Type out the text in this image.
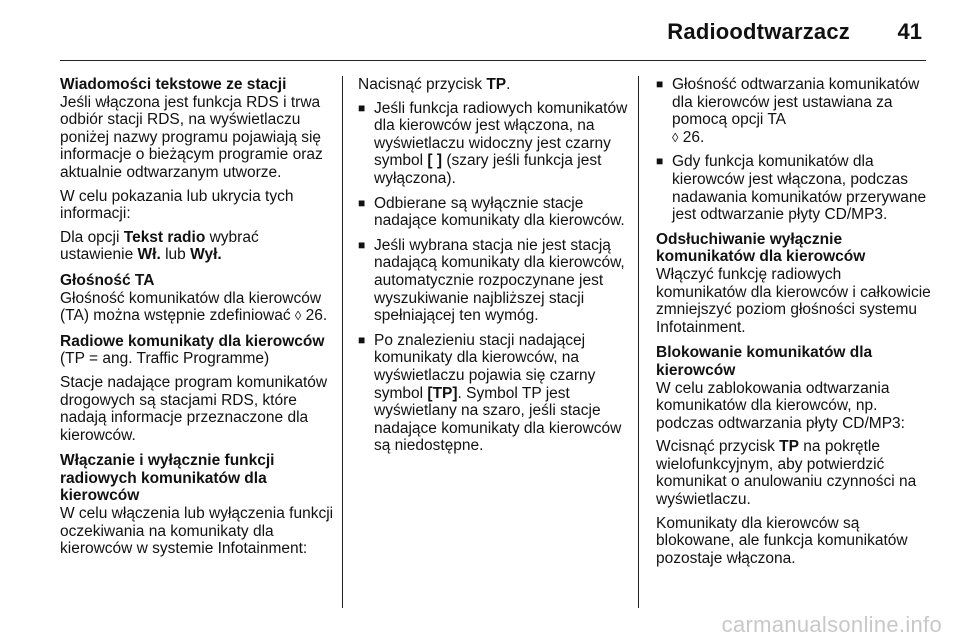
Radioodtwarzacz 41
Wiadomości tekstowe ze stacji
Jeśli włączona jest funkcja RDS i trwa odbiór stacji RDS, na wyświetlaczu poniżej nazwy programu pojawiają się informacje o bieżącym programie oraz aktualnie odtwarzanym utworze.
W celu pokazania lub ukrycia tych informacji:
Dla opcji Tekst radio wybrać ustawienie Wł. lub Wył.
Głośność TA
Głośność komunikatów dla kierowców (TA) można wstępnie zdefiniować ◊ 26.
Radiowe komunikaty dla kierowców
(TP = ang. Traffic Programme)
Stacje nadające program komunikatów drogowych są stacjami RDS, które nadają informacje przeznaczone dla kierowców.
Włączanie i wyłącznie funkcji radiowych komunikatów dla kierowców
W celu włączenia lub wyłączenia funkcji oczekiwania na komunikaty dla kierowców w systemie Infotainment:
Nacisnąć przycisk TP.
■ Jeśli funkcja radiowych komunikatów dla kierowców jest włączona, na wyświetlaczu widoczny jest czarny symbol [ ] (szary jeśli funkcja jest wyłączona).
■ Odbierane są wyłącznie stacje nadające komunikaty dla kierowców.
■ Jeśli wybrana stacja nie jest stacją nadającą komunikaty dla kierowców, automatycznie rozpoczynane jest wyszukiwanie najbliższej stacji spełniającej ten wymóg.
■ Po znalezieniu stacji nadającej komunikaty dla kierowców, na wyświetlaczu pojawia się czarny symbol [TP]. Symbol TP jest wyświetlany na szaro, jeśli stacje nadające komunikaty dla kierowców są niedostępne.
■ Głośność odtwarzania komunikatów dla kierowców jest ustawiana za pomocą opcji TA
◊ 26.
■ Gdy funkcja komunikatów dla kierowców jest włączona, podczas nadawania komunikatów przerywane jest odtwarzanie płyty CD/MP3.
Odsłuchiwanie wyłącznie komunikatów dla kierowców
Włączyć funkcję radiowych komunikatów dla kierowców i całkowicie zmniejszyć poziom głośności systemu Infotainment.
Blokowanie komunikatów dla kierowców
W celu zablokowania odtwarzania komunikatów dla kierowców, np. podczas odtwarzania płyty CD/MP3:
Wcisnąć przycisk TP na pokrętle wielofunkcyjnym, aby potwierdzić komunikat o anulowaniu czynności na wyświetlaczu.
Komunikaty dla kierowców są blokowane, ale funkcja komunikatów pozostaje włączona.
carmanualsonline.info
